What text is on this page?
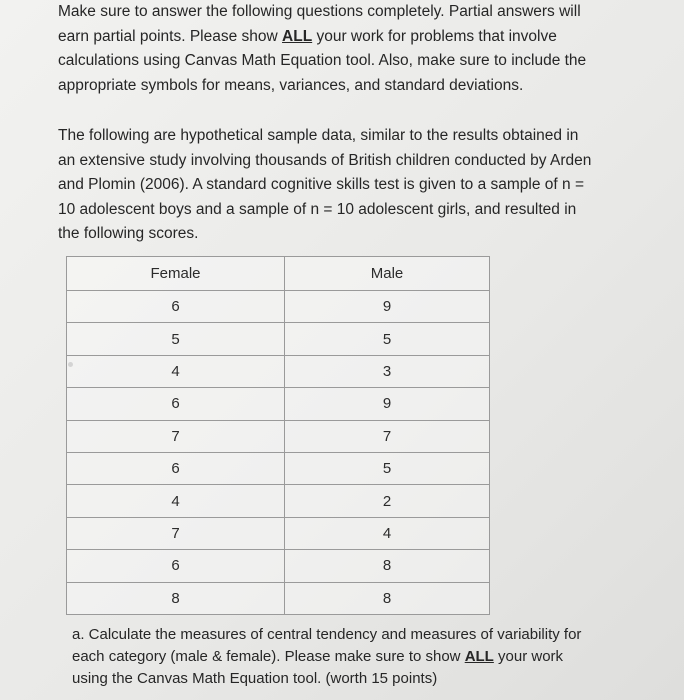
Make sure to answer the following questions completely. Partial answers will earn partial points. Please show ALL your work for problems that involve calculations using Canvas Math Equation tool. Also, make sure to include the appropriate symbols for means, variances, and standard deviations.
The following are hypothetical sample data, similar to the results obtained in an extensive study involving thousands of British children conducted by Arden and Plomin (2006). A standard cognitive skills test is given to a sample of n = 10 adolescent boys and a sample of n = 10 adolescent girls, and resulted in the following scores.
Female	Male
6	9
5	5
4	3
6	9
7	7
6	5
4	2
7	4
6	8
8	8
a. Calculate the measures of central tendency and measures of variability for each category (male & female). Please make sure to show ALL your work using the Canvas Math Equation tool. (worth 15 points)
